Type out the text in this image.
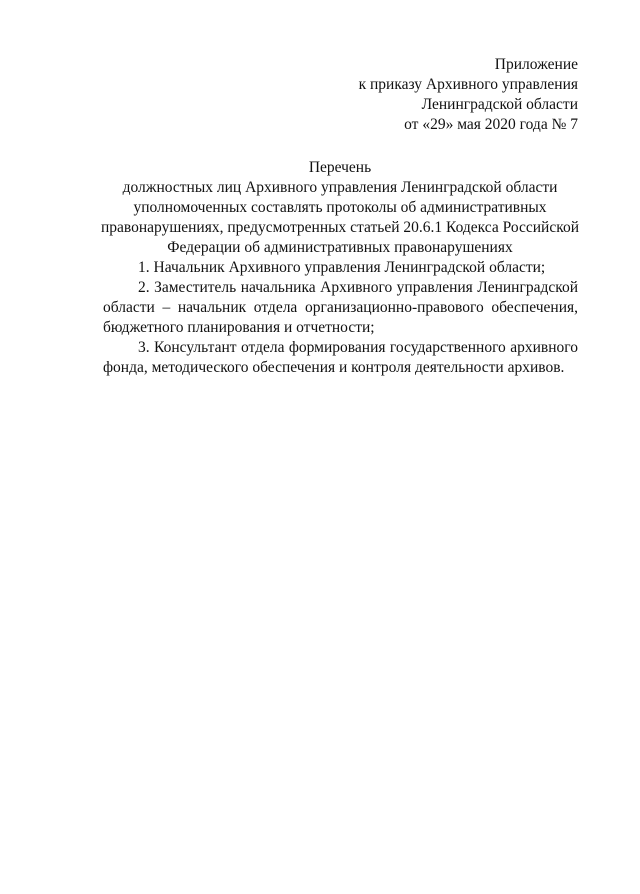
Приложение
к приказу Архивного управления
Ленинградской области
от «29» мая 2020 года № 7
Перечень
должностных лиц Архивного управления Ленинградской области
уполномоченных составлять протоколы об административных
правонарушениях, предусмотренных статьей 20.6.1 Кодекса Российской
Федерации об административных правонарушениях

1. Начальник Архивного управления Ленинградской области;

2. Заместитель начальника Архивного управления Ленинградской области – начальник отдела организационно-правового обеспечения, бюджетного планирования и отчетности;

3. Консультант отдела формирования государственного архивного фонда, методического обеспечения и контроля деятельности архивов.
